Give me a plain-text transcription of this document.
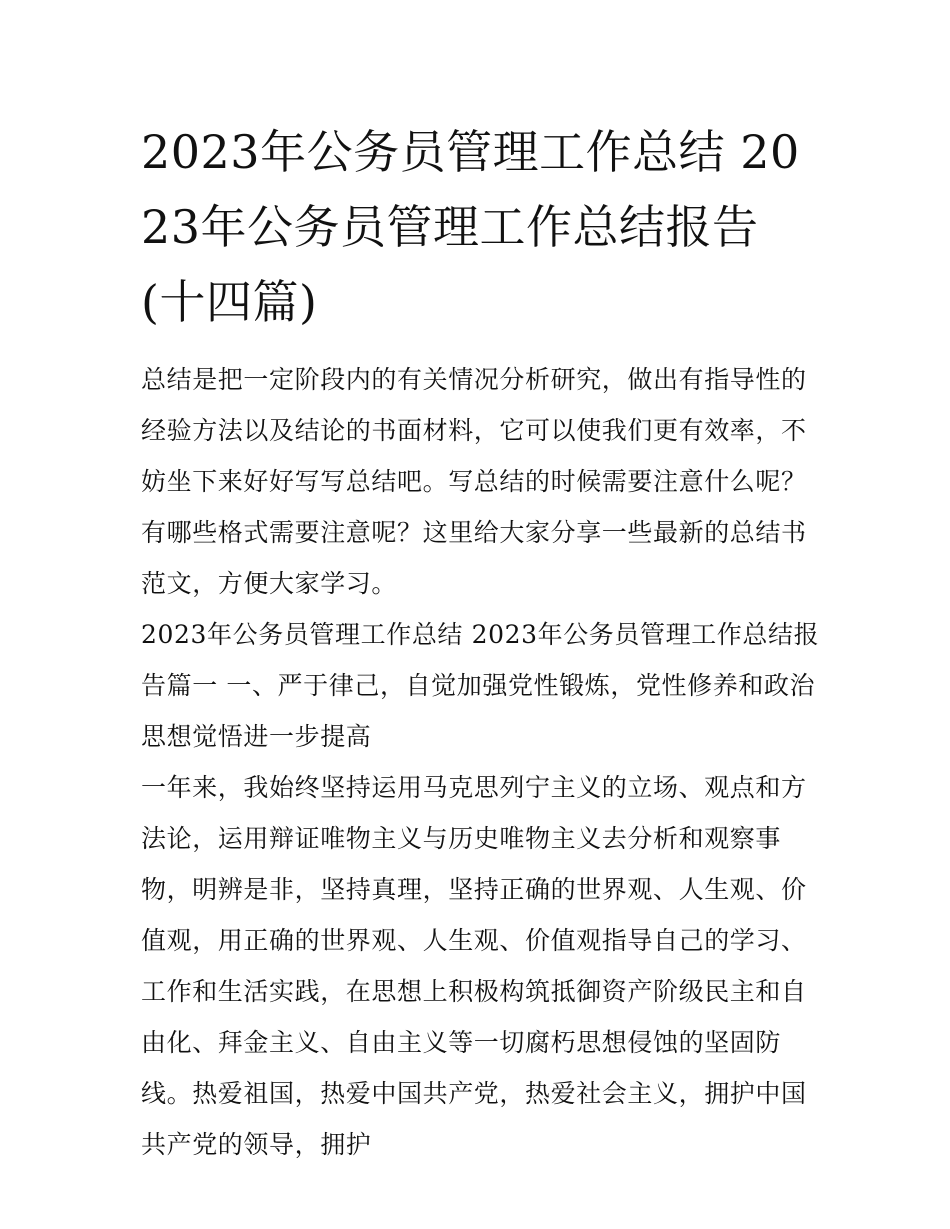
2023年公务员管理工作总结 2023年公务员管理工作总结报告(十四篇)

总结是把一定阶段内的有关情况分析研究，做出有指导性的经验方法以及结论的书面材料，它可以使我们更有效率，不妨坐下来好好写写总结吧。写总结的时候需要注意什么呢？有哪些格式需要注意呢？这里给大家分享一些最新的总结书范文，方便大家学习。

2023年公务员管理工作总结 2023年公务员管理工作总结报告篇一 一、严于律己，自觉加强党性锻炼，党性修养和政治思想觉悟进一步提高

一年来，我始终坚持运用马克思列宁主义的立场、观点和方法论，运用辩证唯物主义与历史唯物主义去分析和观察事物，明辨是非，坚持真理，坚持正确的世界观、人生观、价值观，用正确的世界观、人生观、价值观指导自己的学习、工作和生活实践，在思想上积极构筑抵御资产阶级民主和自由化、拜金主义、自由主义等一切腐朽思想侵蚀的坚固防线。热爱祖国，热爱中国共产党，热爱社会主义，拥护中国共产党的领导，拥护
